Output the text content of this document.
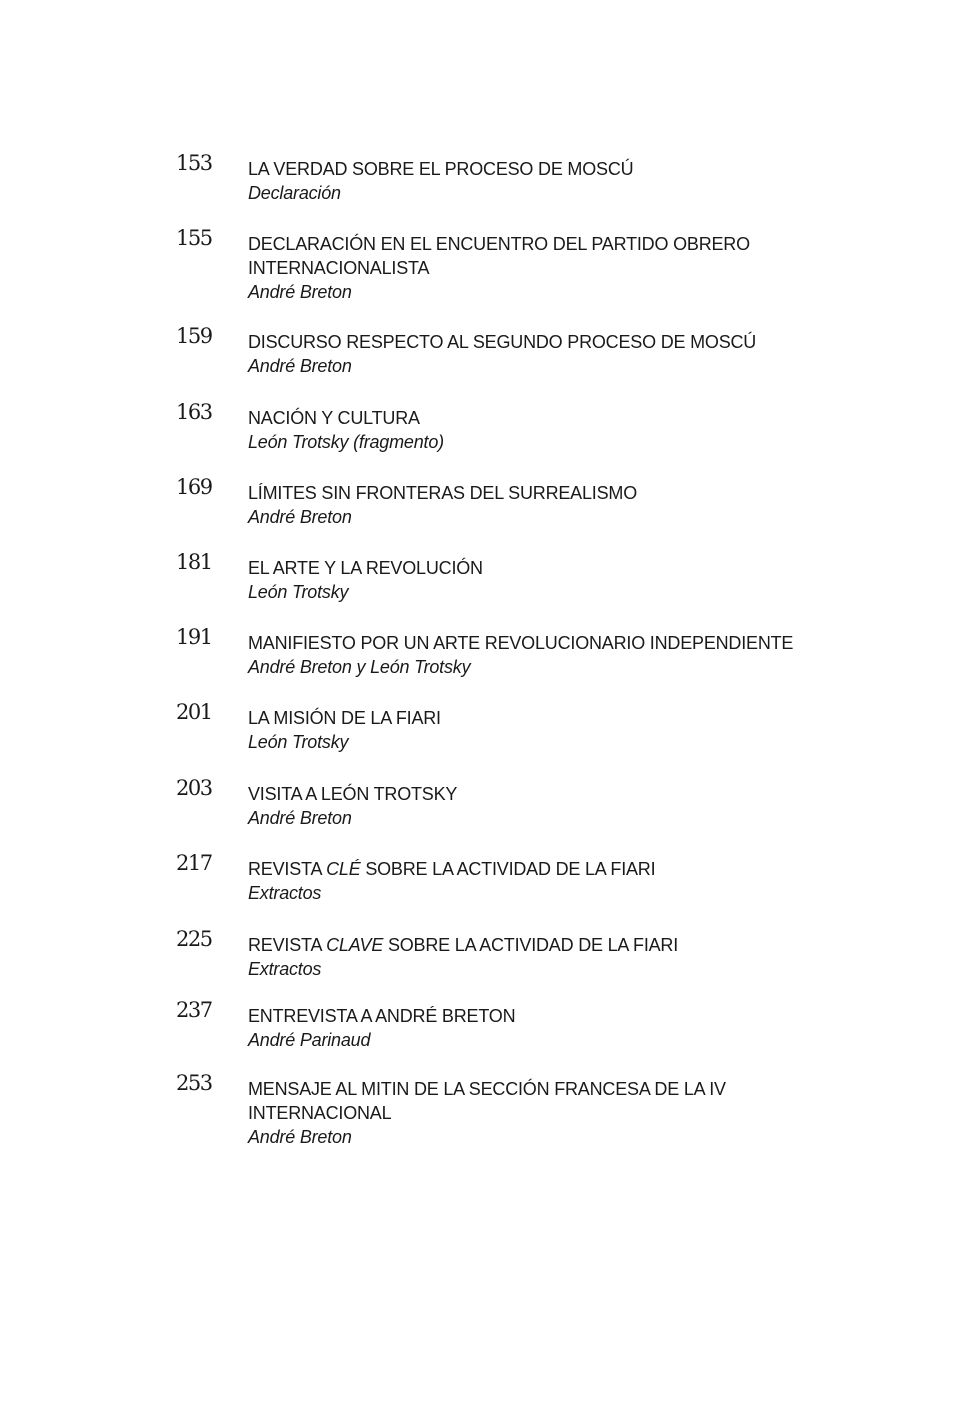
153 LA VERDAD SOBRE EL PROCESO DE MOSCÚ
Declaración
155 DECLARACIÓN EN EL ENCUENTRO DEL PARTIDO OBRERO
INTERNACIONALISTA
André Breton
159 DISCURSO RESPECTO AL SEGUNDO PROCESO DE MOSCÚ
André Breton
163 NACIÓN Y CULTURA
León Trotsky (fragmento)
169 LÍMITES SIN FRONTERAS DEL SURREALISMO
André Breton
181 EL ARTE Y LA REVOLUCIÓN
León Trotsky
191 MANIFIESTO POR UN ARTE REVOLUCIONARIO INDEPENDIENTE
André Breton y León Trotsky
201 LA MISIÓN DE LA FIARI
León Trotsky
203 VISITA A LEÓN TROTSKY
André Breton
217 REVISTA CLÉ SOBRE LA ACTIVIDAD DE LA FIARI
Extractos
225 REVISTA CLAVE SOBRE LA ACTIVIDAD DE LA FIARI
Extractos
237 ENTREVISTA A ANDRÉ BRETON
André Parinaud
253 MENSAJE AL MITIN DE LA SECCIÓN FRANCESA DE LA IV
INTERNACIONAL
André Breton
